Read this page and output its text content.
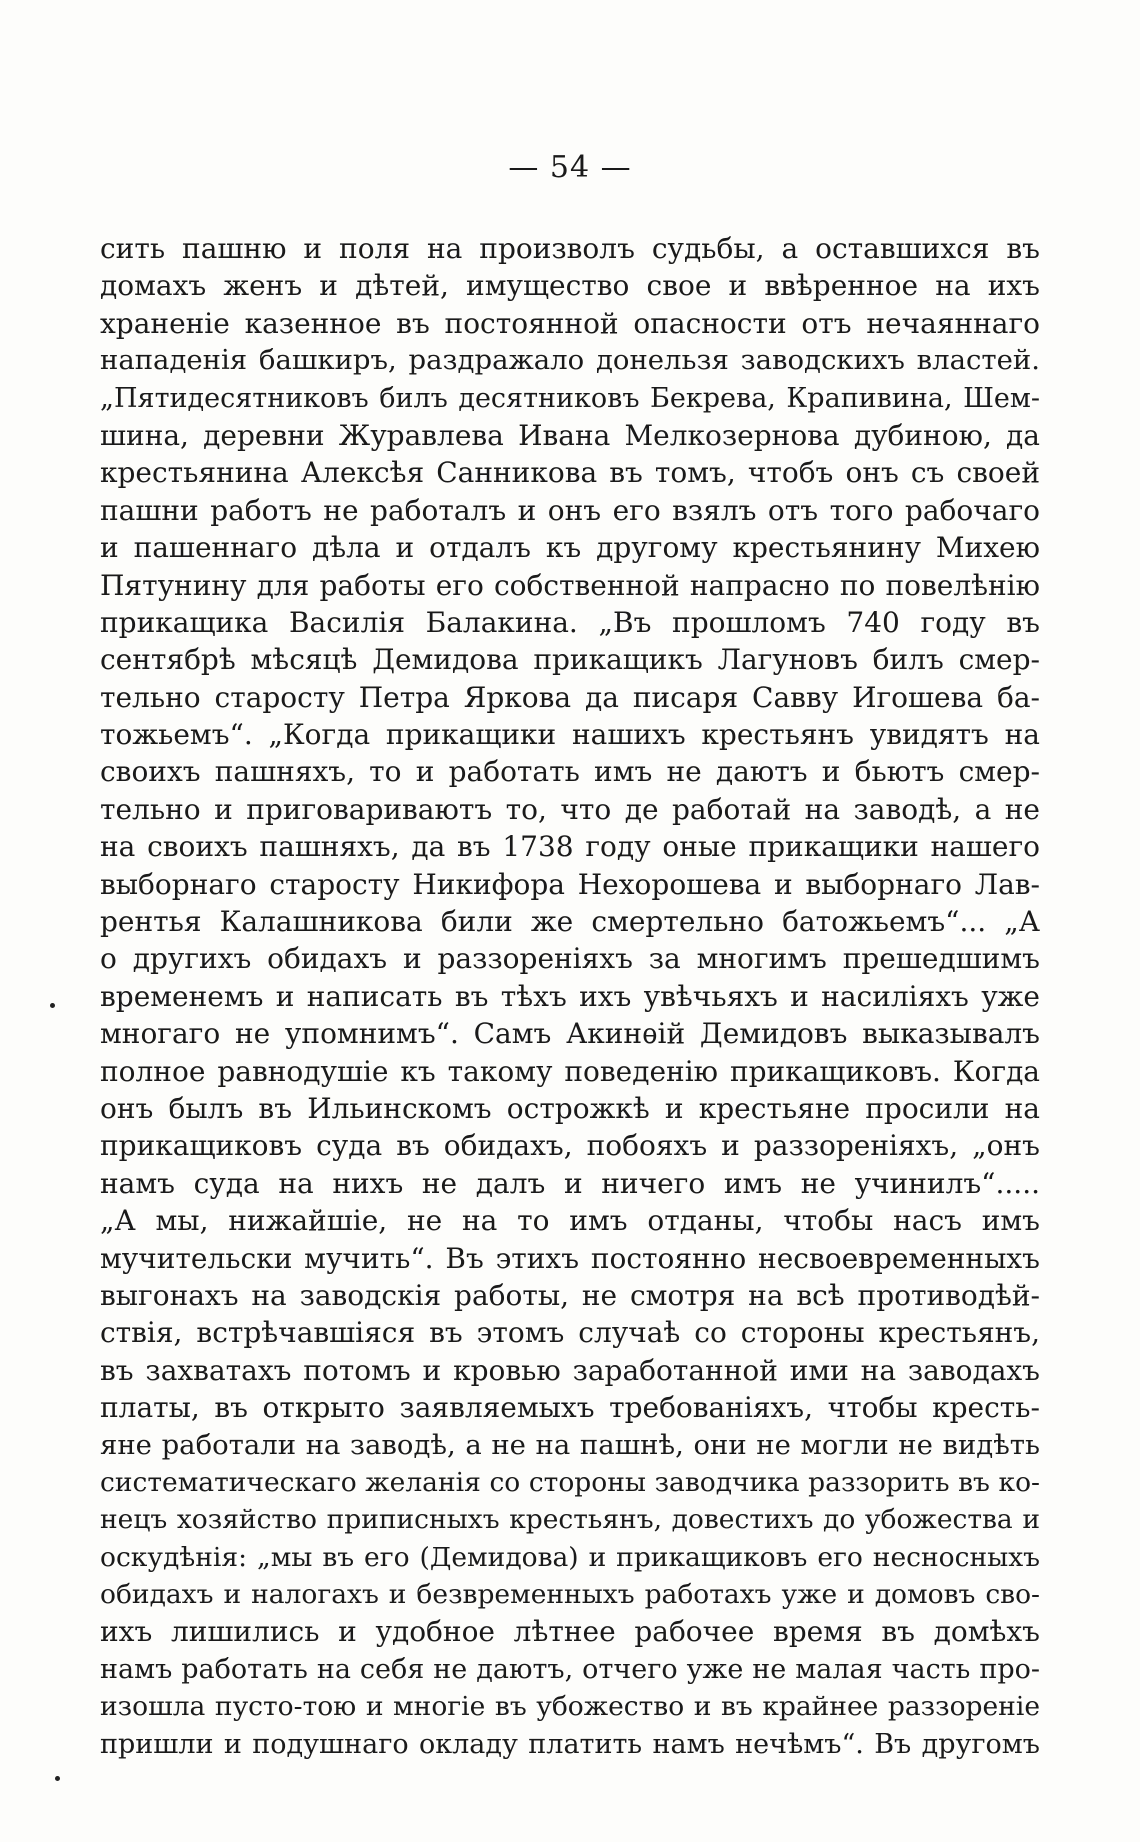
— 54 —
сить пашню и поля на произволъ судьбы, а оставшихся въ
домахъ женъ и дѣтей, имущество свое и ввѣренное на ихъ
храненіе казенное въ постоянной опасности отъ нечаяннаго
нападенія башкиръ, раздражало донельзя заводскихъ властей.
„Пятидесятниковъ билъ десятниковъ Бекрева, Крапивина, Шем-
шина, деревни Журавлева Ивана Мелкозернова дубиною, да
крестьянина Алексѣя Санникова въ томъ, чтобъ онъ съ своей
пашни работъ не работалъ и онъ его взялъ отъ того рабочаго
и пашеннаго дѣла и отдалъ къ другому крестьянину Михею
Пятунину для работы его собственной напрасно по повелѣнію
прикащика Василія Балакина. „Въ прошломъ 740 году въ
сентябрѣ мѣсяцѣ Демидова прикащикъ Лагуновъ билъ смер-
тельно старосту Петра Яркова да писаря Савву Игошева ба-
тожьемъ“. „Когда прикащики нашихъ крестьянъ увидятъ на
своихъ пашняхъ, то и работать имъ не даютъ и бьютъ смер-
тельно и приговариваютъ то, что де работай на заводѣ, а не
на своихъ пашняхъ, да въ 1738 году оные прикащики нашего
выборнаго старосту Никифора Нехорошева и выборнаго Лав-
рентья Калашникова били же смертельно батожьемъ“... „А
о другихъ обидахъ и раззореніяхъ за многимъ прешедшимъ
временемъ и написать въ тѣхъ ихъ увѣчьяхъ и насиліяхъ уже
многаго не упомнимъ“. Самъ Акинѳій Демидовъ выказывалъ
полное равнодушіе къ такому поведенію прикащиковъ. Когда
онъ былъ въ Ильинскомъ острожкѣ и крестьяне просили на
прикащиковъ суда въ обидахъ, побояхъ и раззореніяхъ, „онъ
намъ суда на нихъ не далъ и ничего имъ не учинилъ“.....
„А мы, нижайшіе, не на то имъ отданы, чтобы насъ имъ
мучительски мучить“. Въ этихъ постоянно несвоевременныхъ
выгонахъ на заводскія работы, не смотря на всѣ противодѣй-
ствія, встрѣчавшіяся въ этомъ случаѣ со стороны крестьянъ,
въ захватахъ потомъ и кровью заработанной ими на заводахъ
платы, въ открыто заявляемыхъ требованіяхъ, чтобы кресть-
яне работали на заводѣ, а не на пашнѣ, они не могли не видѣть
систематическаго желанія со стороны заводчика раззорить въ ко-
нецъ хозяйство приписныхъ крестьянъ, довестихъ до убожества и
оскудѣнія: „мы въ его (Демидова) и прикащиковъ его несносныхъ
обидахъ и налогахъ и безвременныхъ работахъ уже и домовъ сво-
ихъ лишились и удобное лѣтнее рабочее время въ домѣхъ
намъ работать на себя не даютъ, отчего уже не малая часть про-
изошла пусто-тою и многіе въ убожество и въ крайнее раззореніе
пришли и подушнаго окладу платить намъ нечѣмъ“. Въ другомъ
